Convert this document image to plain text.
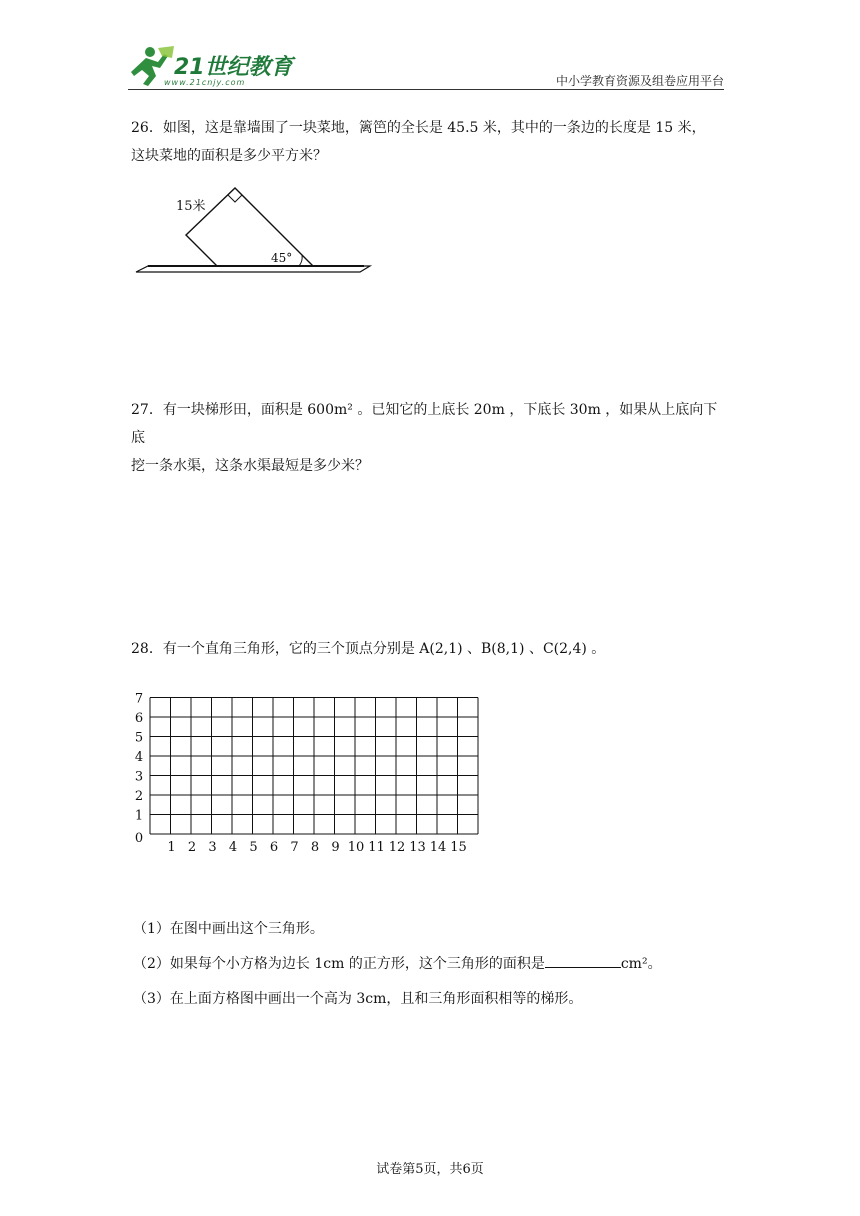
21世纪教育
www.21cnjy.com	中小学教育资源及组卷应用平台

26．如图，这是靠墙围了一块菜地，篱笆的全长是 45.5 米，其中的一条边的长度是 15 米，

这块菜地的面积是多少平方米？

15米
45°

27．有一块梯形田，面积是 600m² 。已知它的上底长 20m ，下底长 30m ，如果从上底向下底

挖一条水渠，这条水渠最短是多少米？

28．有一个直角三角形，它的三个顶点分别是 A(2,1) 、B(8,1) 、C(2,4) 。

1 2 3 4 5 6 7 8 9 10 11 12 13 14 15
0
1
2
3
4
5
6
7
（1）在图中画出这个三角形。
（2）如果每个小方格为边长 1cm 的正方形，这个三角形的面积是	cm²。
（3）在上面方格图中画出一个高为 3cm，且和三角形面积相等的梯形。
试卷第5页，共6页
